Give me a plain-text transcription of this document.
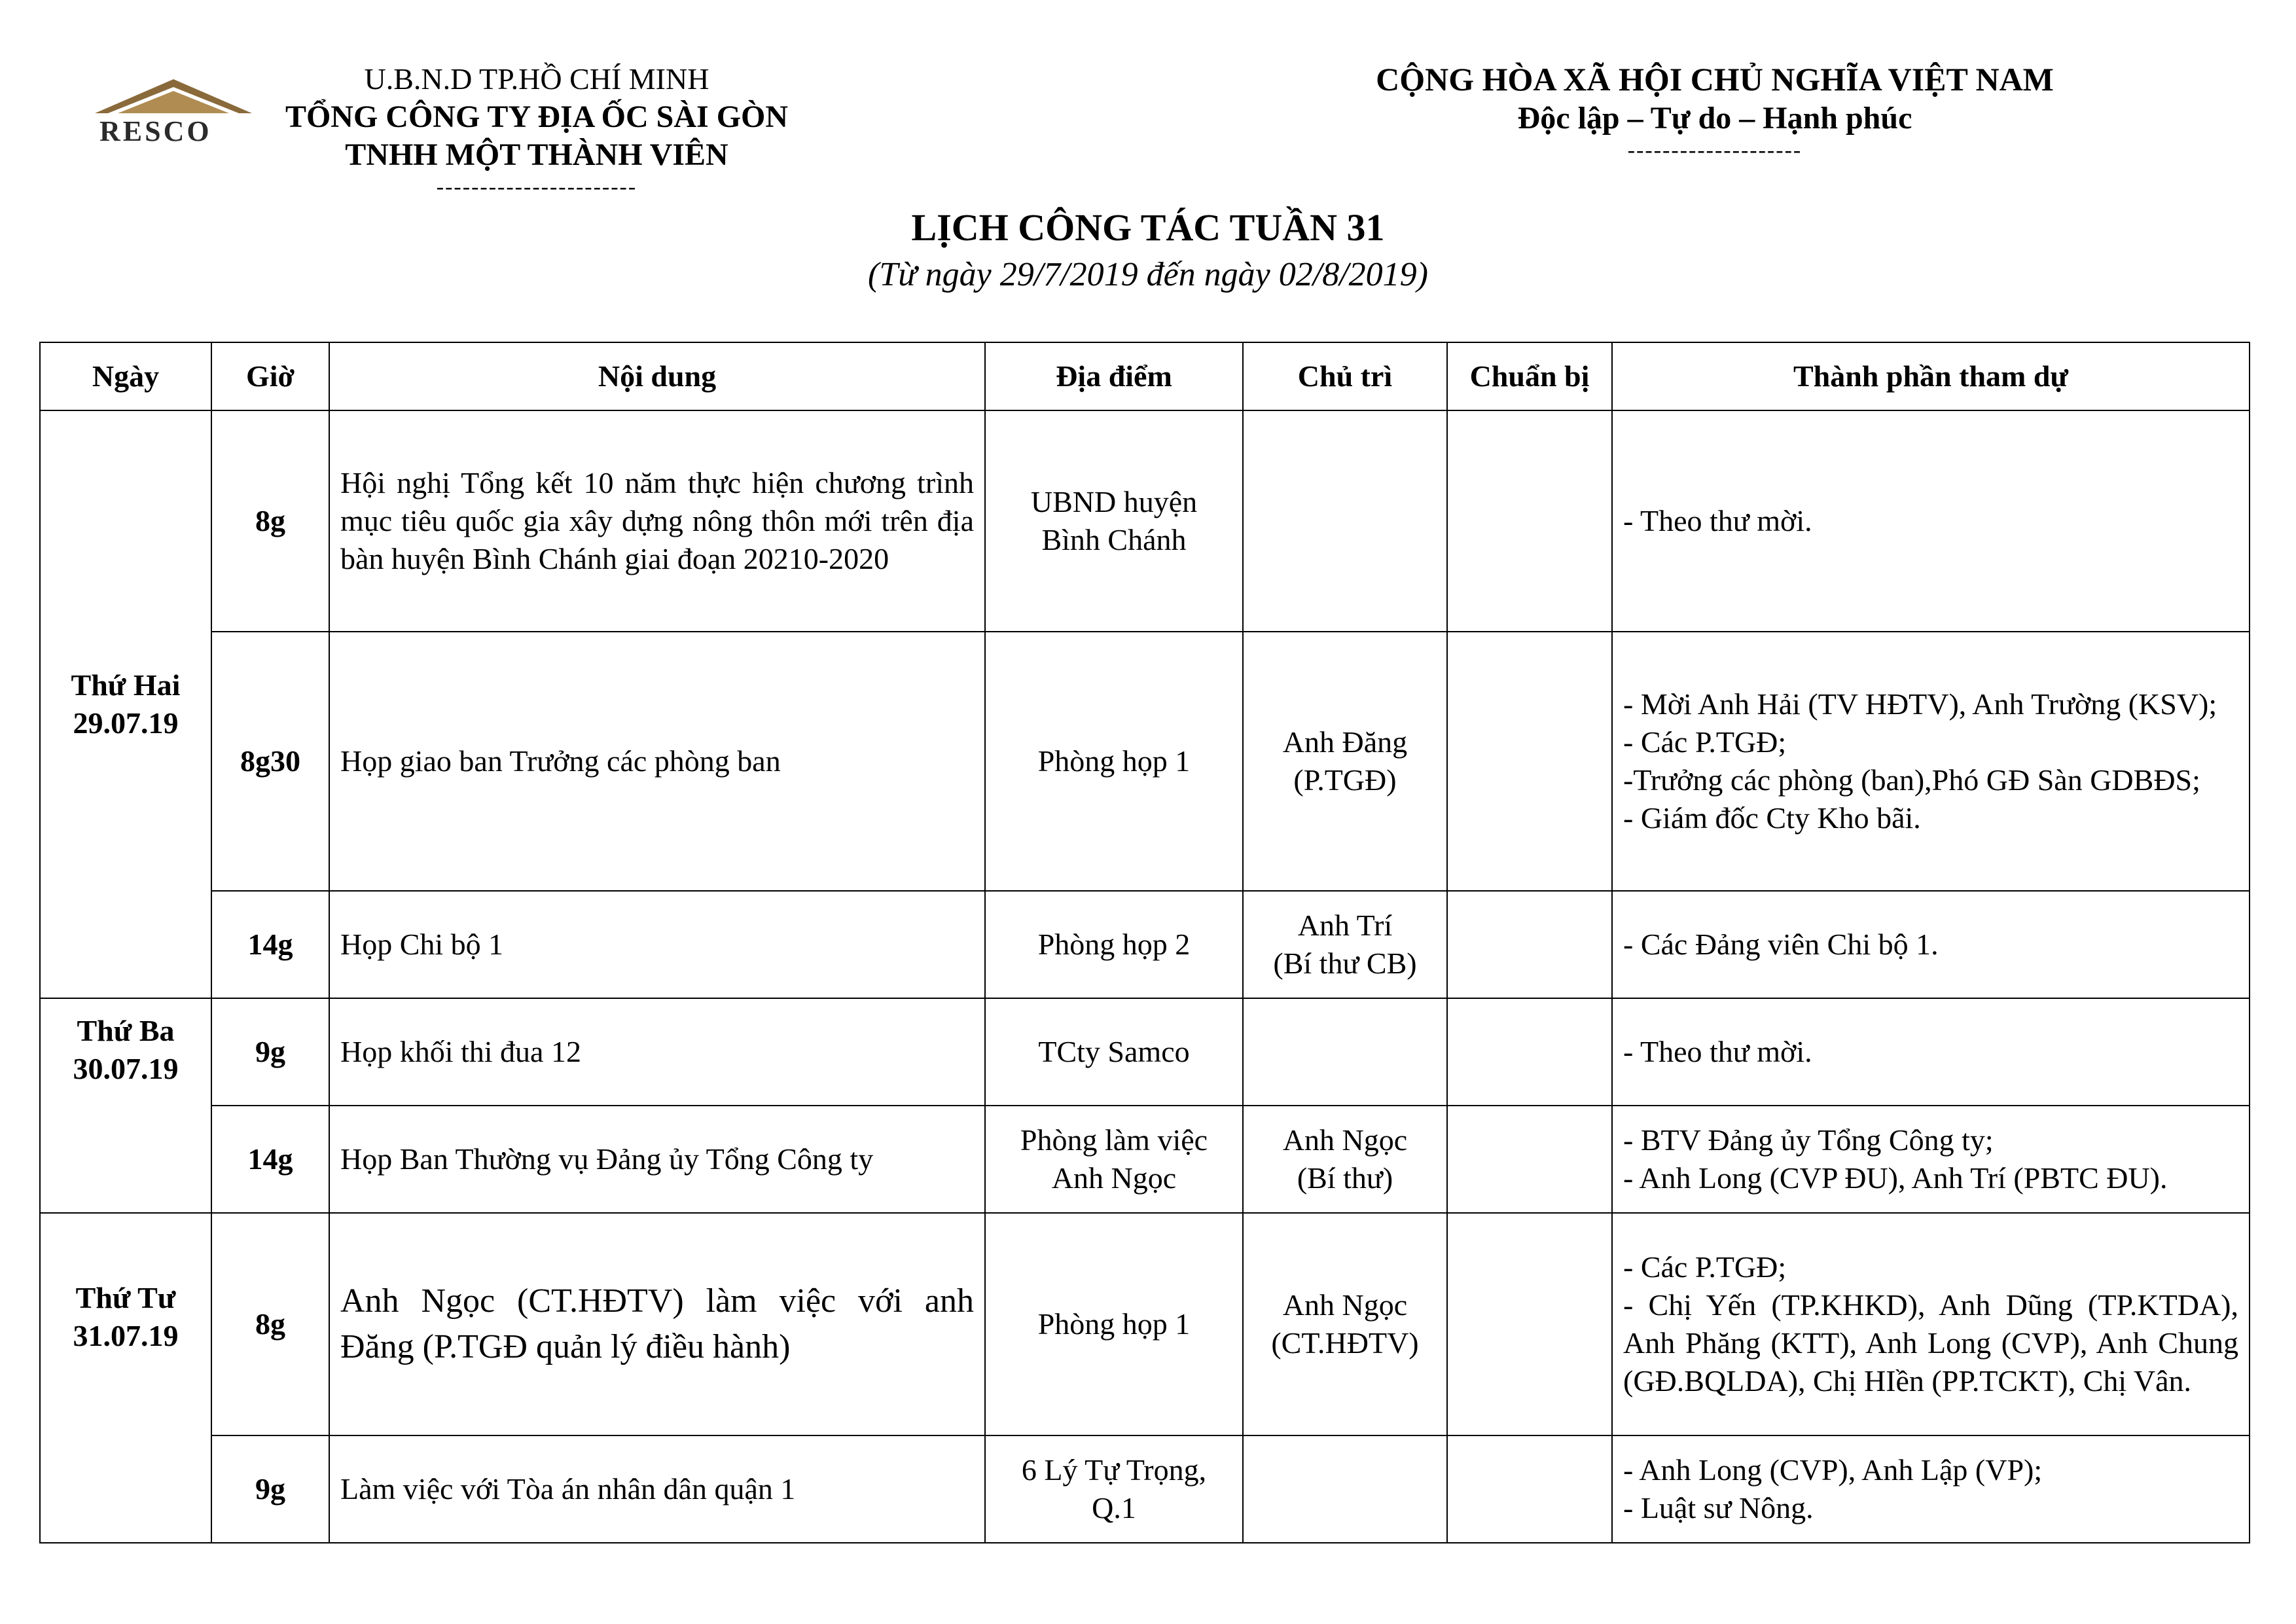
RESCO
U.B.N.D TP.HỒ CHÍ MINH
TỔNG CÔNG TY ĐỊA ỐC SÀI GÒN
TNHH MỘT THÀNH VIÊN
-----------------------
CỘNG HÒA XÃ HỘI CHỦ NGHĨA VIỆT NAM
Độc lập – Tự do – Hạnh phúc
--------------------
LỊCH CÔNG TÁC TUẦN 31
(Từ ngày 29/7/2019 đến ngày 02/8/2019)
Ngày	Giờ	Nội dung	Địa điểm	Chủ trì	Chuẩn bị	Thành phần tham dự

Thứ Hai
29.07.19	8g	Hội nghị Tổng kết 10 năm thực hiện chương trình mục tiêu quốc gia xây dựng nông thôn mới trên địa bàn huyện Bình Chánh giai đoạn 20210-2020	UBND huyện
Bình Chánh			- Theo thư mời.

	8g30	Họp giao ban Trưởng các phòng ban	Phòng họp 1	Anh Đăng
(P.TGĐ)		- Mời Anh Hải (TV HĐTV), Anh Trường (KSV);
- Các P.TGĐ;
-Trưởng các phòng (ban),Phó GĐ Sàn GDBĐS;
- Giám đốc Cty Kho bãi.

	14g	Họp Chi bộ 1	Phòng họp 2	Anh Trí
(Bí thư CB)		- Các Đảng viên Chi bộ 1.

Thứ Ba
30.07.19	9g	Họp khối thi đua 12	TCty Samco			- Theo thư mời.

	14g	Họp Ban Thường vụ Đảng ủy Tổng Công ty	Phòng làm việc
Anh Ngọc	Anh Ngọc
(Bí thư)		- BTV Đảng ủy Tổng Công ty;
- Anh Long (CVP ĐU), Anh Trí (PBTC ĐU).

Thứ Tư
31.07.19	8g	Anh Ngọc (CT.HĐTV) làm việc với anh Đăng (P.TGĐ quản lý điều hành)	Phòng họp 1	Anh Ngọc
(CT.HĐTV)		- Các P.TGĐ;
- Chị Yến (TP.KHKD), Anh Dũng (TP.KTDA), Anh Phăng (KTT), Anh Long (CVP), Anh Chung (GĐ.BQLDA), Chị HIền (PP.TCKT), Chị Vân.

	9g	Làm việc với Tòa án nhân dân quận 1	6 Lý Tự Trọng,
Q.1			- Anh Long (CVP), Anh Lập (VP);
- Luật sư Nông.
